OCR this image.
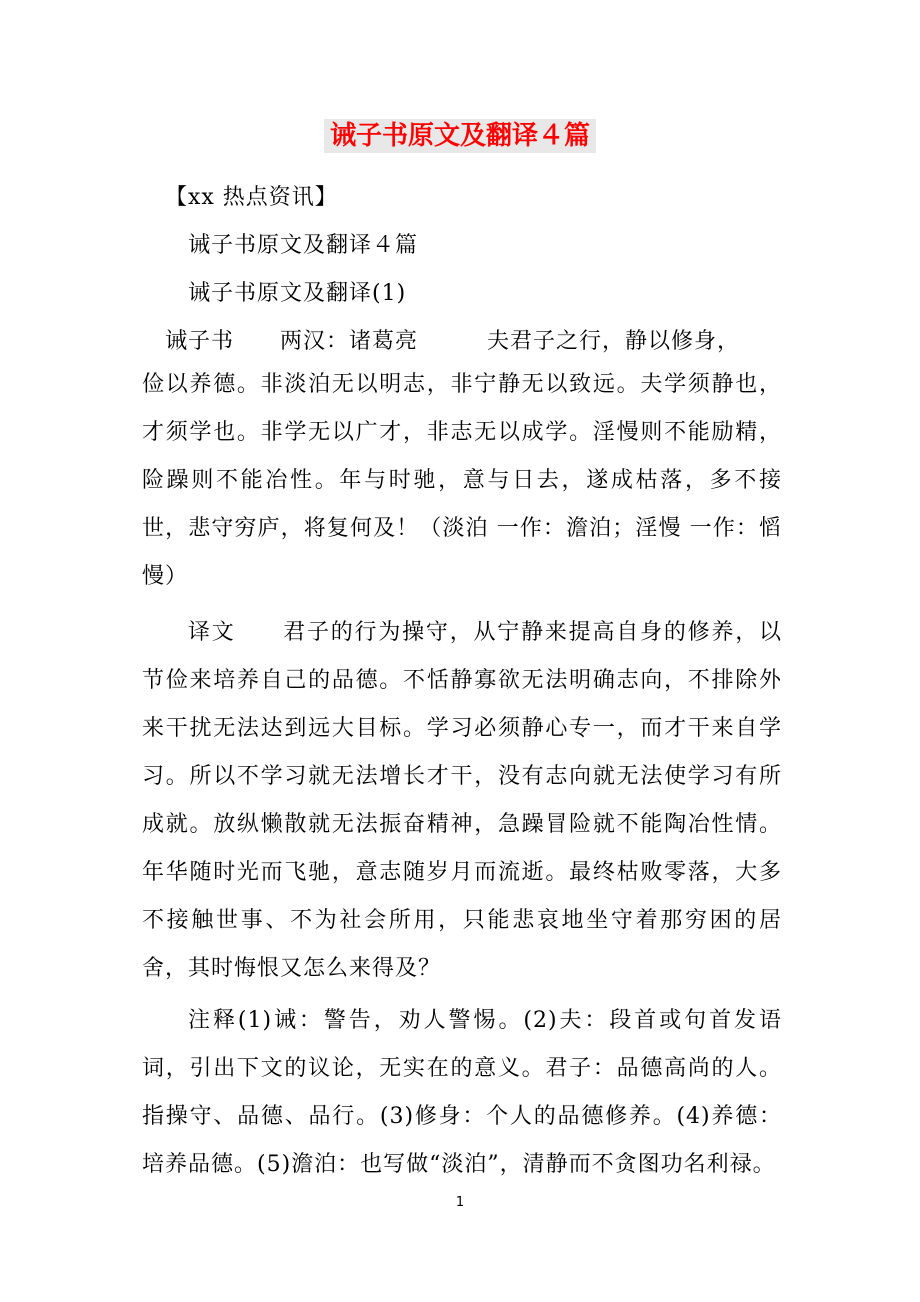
诫子书原文及翻译４篇
【xx 热点资讯】
诫子书原文及翻译４篇
诫子书原文及翻译(1)
诫子书　　两汉：诸葛亮　　　夫君子之行，静以修身，
俭以养德。非淡泊无以明志，非宁静无以致远。夫学须静也，才须学也。非学无以广才，非志无以成学。淫慢则不能励精，险躁则不能冶性。年与时驰，意与日去，遂成枯落，多不接世，悲守穷庐，将复何及！（淡泊 一作：澹泊；淫慢 一作：慆慢）
译文　　君子的行为操守，从宁静来提高自身的修养，以节俭来培养自己的品德。不恬静寡欲无法明确志向，不排除外来干扰无法达到远大目标。学习必须静心专一，而才干来自学习。所以不学习就无法增长才干，没有志向就无法使学习有所成就。放纵懒散就无法振奋精神，急躁冒险就不能陶冶性情。年华随时光而飞驰，意志随岁月而流逝。最终枯败零落，大多不接触世事、不为社会所用，只能悲哀地坐守着那穷困的居舍，其时悔恨又怎么来得及？
注释(1)诫：警告，劝人警惕。(2)夫：段首或句首发语词，引出下文的议论，无实在的意义。君子：品德高尚的人。指操守、品德、品行。(3)修身：个人的品德修养。(4)养德：培养品德。(5)澹泊：也写做“淡泊”，清静而不贪图功名利禄。
1
